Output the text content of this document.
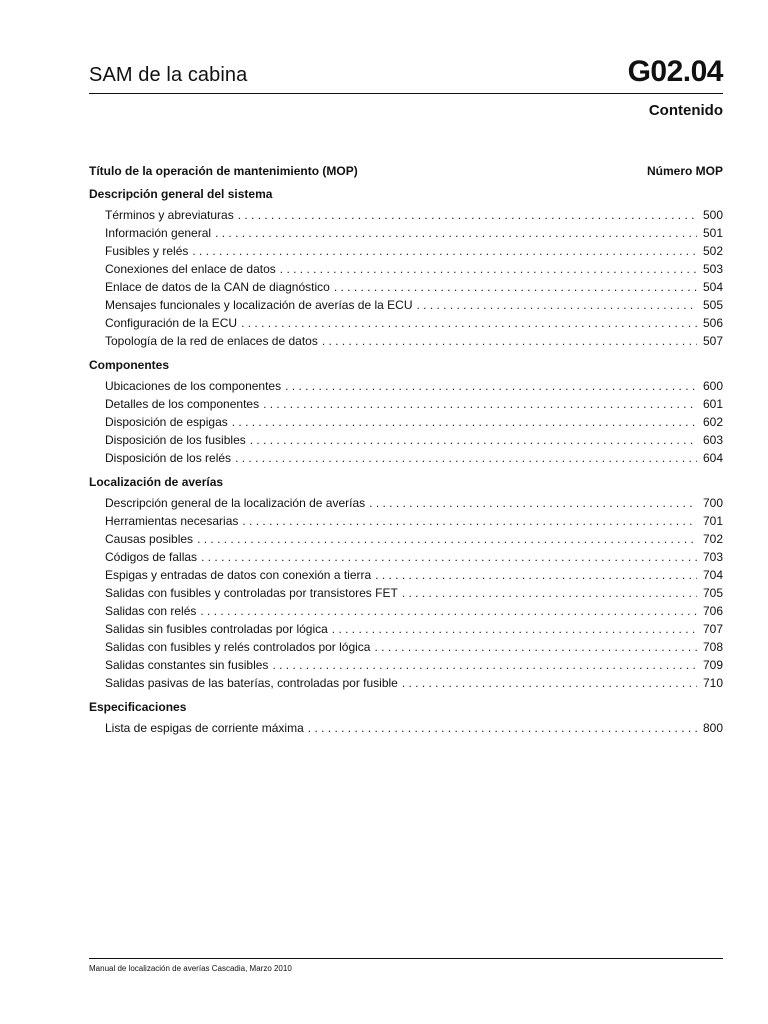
SAM de la cabina	G02.04
Contenido
Título de la operación de mantenimiento (MOP)	Número MOP
Descripción general del sistema
Términos y abreviaturas . . .	500
Información general . . .	501
Fusibles y relés . . .	502
Conexiones del enlace de datos . . .	503
Enlace de datos de la CAN de diagnóstico . . .	504
Mensajes funcionales y localización de averías de la ECU . . .	505
Configuración de la ECU . . .	506
Topología de la red de enlaces de datos . . .	507
Componentes
Ubicaciones de los componentes . . .	600
Detalles de los componentes . . .	601
Disposición de espigas . . .	602
Disposición de los fusibles . . .	603
Disposición de los relés . . .	604
Localización de averías
Descripción general de la localización de averías . . .	700
Herramientas necesarias . . .	701
Causas posibles . . .	702
Códigos de fallas . . .	703
Espigas y entradas de datos con conexión a tierra . . .	704
Salidas con fusibles y controladas por transistores FET . . .	705
Salidas con relés . . .	706
Salidas sin fusibles controladas por lógica . . .	707
Salidas con fusibles y relés controlados por lógica . . .	708
Salidas constantes sin fusibles . . .	709
Salidas pasivas de las baterías, controladas por fusible . . .	710
Especificaciones
Lista de espigas de corriente máxima . . .	800
Manual de localización de averías Cascadia, Marzo 2010
